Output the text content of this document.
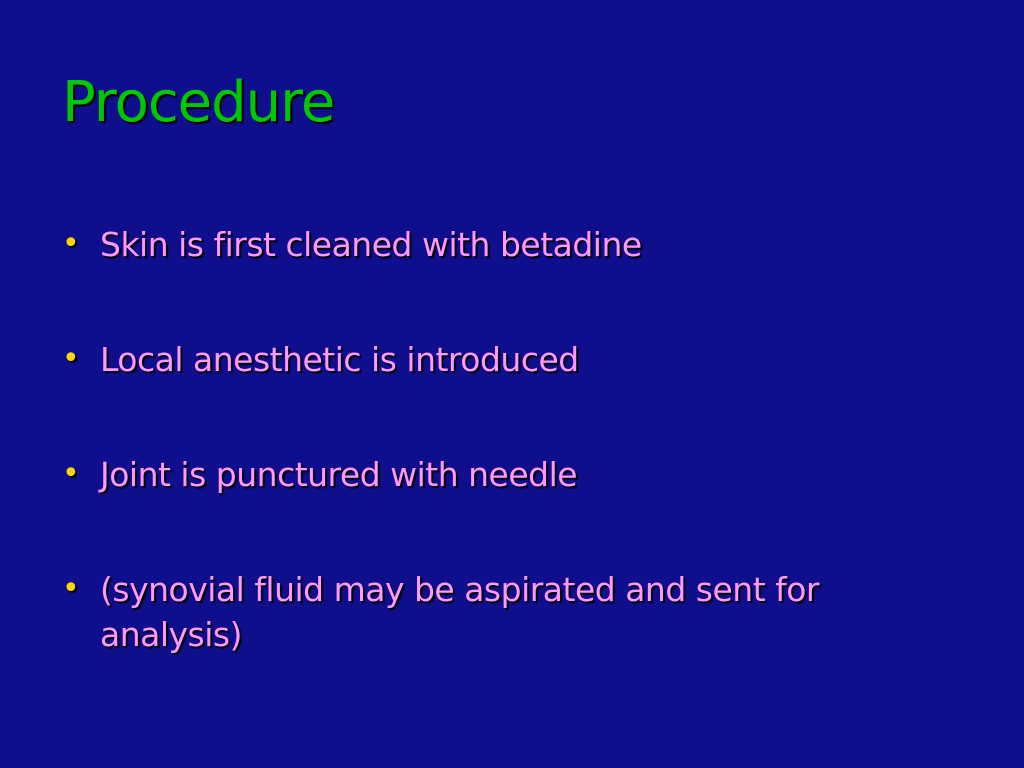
Procedure
• Skin is first cleaned with betadine
• Local anesthetic is introduced
• Joint is punctured with needle
• (synovial fluid may be aspirated and sent for analysis)
